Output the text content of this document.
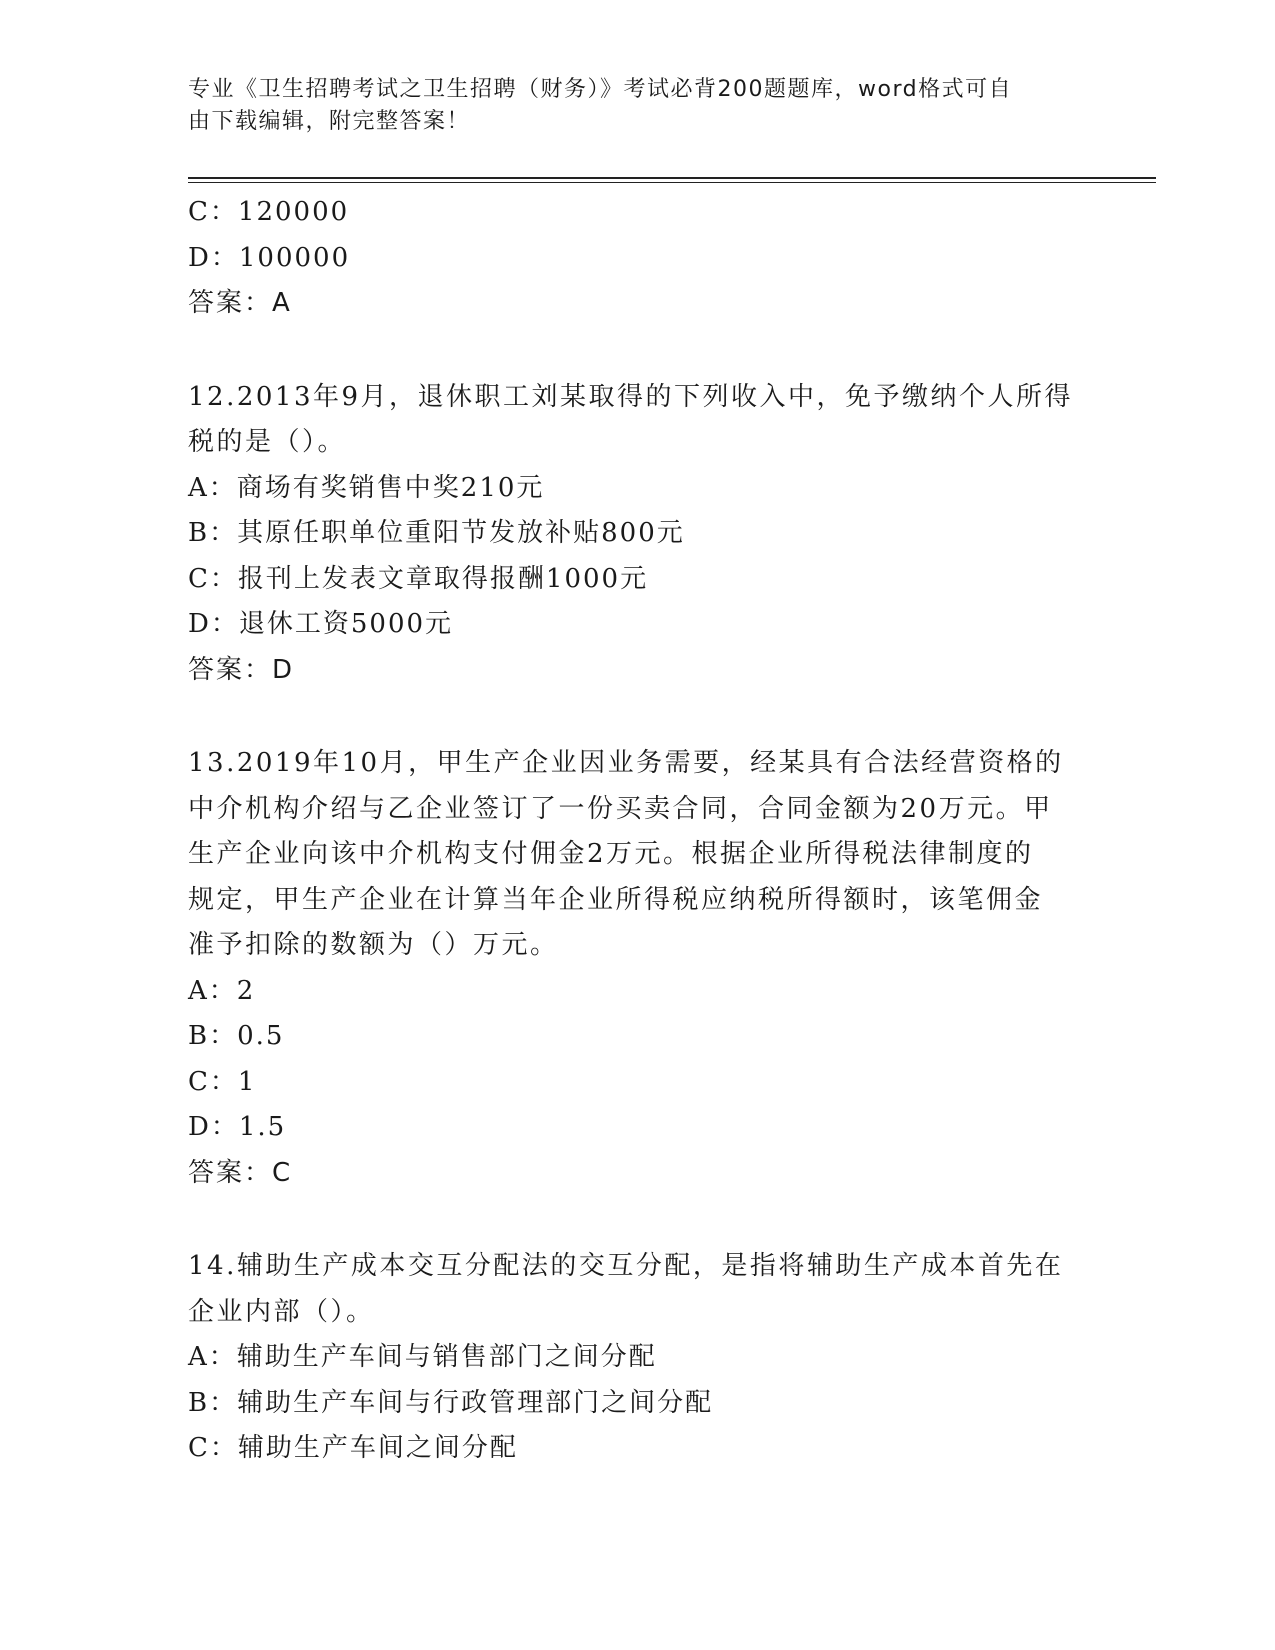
专业《卫生招聘考试之卫生招聘（财务）》考试必背200题题库，word格式可自
由下载编辑，附完整答案！
C：120000
D：100000
答案：A
12.2013年9月，退休职工刘某取得的下列收入中，免予缴纳个人所得
税的是（）。
A：商场有奖销售中奖210元
B：其原任职单位重阳节发放补贴800元
C：报刊上发表文章取得报酬1000元
D：退休工资5000元
答案：D
13.2019年10月，甲生产企业因业务需要，经某具有合法经营资格的
中介机构介绍与乙企业签订了一份买卖合同，合同金额为20万元。甲
生产企业向该中介机构支付佣金2万元。根据企业所得税法律制度的
规定，甲生产企业在计算当年企业所得税应纳税所得额时，该笔佣金
准予扣除的数额为（）万元。
A：2
B：0.5
C：1
D：1.5
答案：C
14.辅助生产成本交互分配法的交互分配，是指将辅助生产成本首先在
企业内部（）。
A：辅助生产车间与销售部门之间分配
B：辅助生产车间与行政管理部门之间分配
C：辅助生产车间之间分配
